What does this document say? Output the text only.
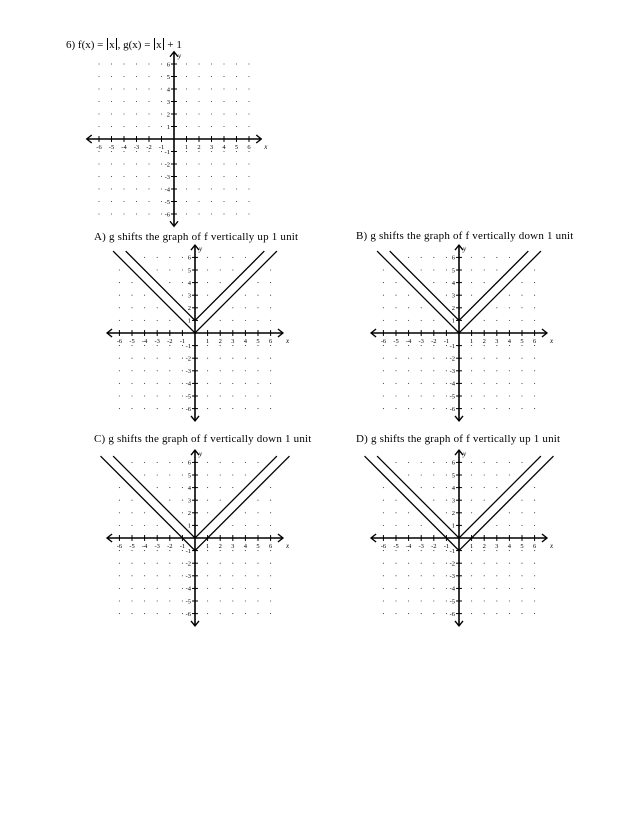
6) f(x) = x , g(x) = x + 1
-6
-6
-5
-5
-4
-4
-3
-3
-2
-2
-1
-1
1
1
2
2
3
3
4
4
5
5
6
6
x
y
A) g shifts the graph of f vertically up 1 unit
-6
-6
-5
-5
-4
-4
-3
-3
-2
-2
-1
-1
1
1
2
2
3
3
4
4
5
5
6
6
x
y
B) g shifts the graph of f vertically down 1 unit
-6
-6
-5
-5
-4
-4
-3
-3
-2
-2
-1
-1
1
1
2
2
3
3
4
4
5
5
6
6
x
y
C) g shifts the graph of f vertically down 1 unit
-6
-6
-5
-5
-4
-4
-3
-3
-2
-2
-1
-1
1
1
2
2
3
3
4
4
5
5
6
6
x
y
D) g shifts the graph of f vertically up 1 unit
-6
-6
-5
-5
-4
-4
-3
-3
-2
-2
-1
-1
1
1
2
2
3
3
4
4
5
5
6
6
x
y
